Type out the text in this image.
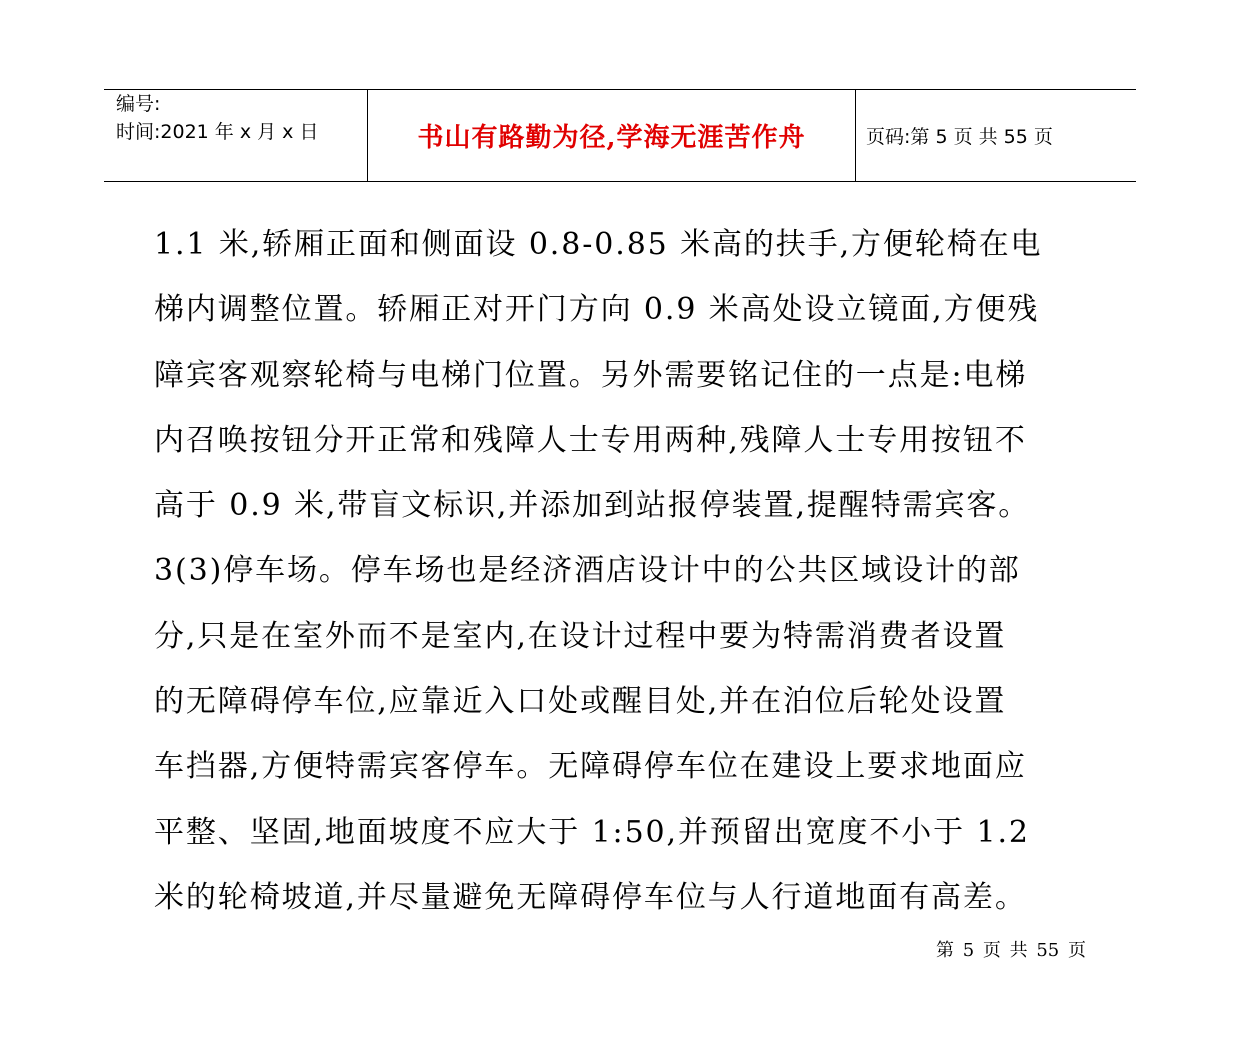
编号:
时间:2021 年 x 月 x 日	书山有路勤为径,学海无涯苦作舟	页码:第 5 页 共 55 页
1.1 米,轿厢正面和侧面设 0.8-0.85 米高的扶手,方便轮椅在电
梯内调整位置。轿厢正对开门方向 0.9 米高处设立镜面,方便残
障宾客观察轮椅与电梯门位置。另外需要铭记住的一点是:电梯
内召唤按钮分开正常和残障人士专用两种,残障人士专用按钮不
高于 0.9 米,带盲文标识,并添加到站报停装置,提醒特需宾客。
3(3)停车场。停车场也是经济酒店设计中的公共区域设计的部
分,只是在室外而不是室内,在设计过程中要为特需消费者设置
的无障碍停车位,应靠近入口处或醒目处,并在泊位后轮处设置
车挡器,方便特需宾客停车。无障碍停车位在建设上要求地面应
平整、坚固,地面坡度不应大于 1:50,并预留出宽度不小于 1.2
米的轮椅坡道,并尽量避免无障碍停车位与人行道地面有高差。
第 5 页 共 55 页
